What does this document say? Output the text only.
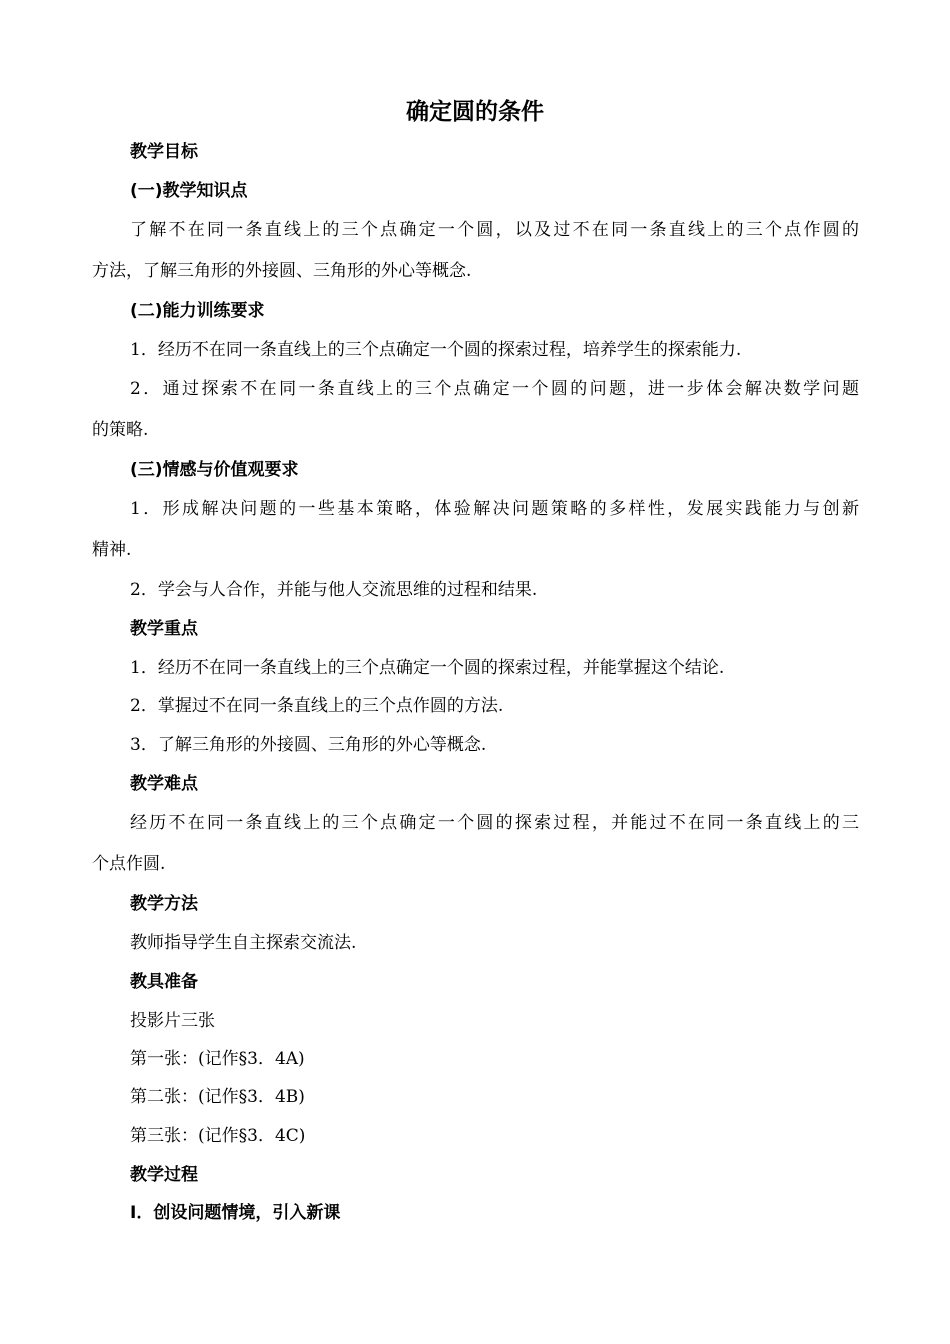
确定圆的条件
教学目标
(一)教学知识点
了解不在同一条直线上的三个点确定一个圆，以及过不在同一条直线上的三个点作圆的
方法，了解三角形的外接圆、三角形的外心等概念.
(二)能力训练要求
1．经历不在同一条直线上的三个点确定一个圆的探索过程，培养学生的探索能力.
2．通过探索不在同一条直线上的三个点确定一个圆的问题，进一步体会解决数学问题
的策略.
(三)情感与价值观要求
1．形成解决问题的一些基本策略，体验解决问题策略的多样性，发展实践能力与创新
精神.
2．学会与人合作，并能与他人交流思维的过程和结果.
教学重点
1．经历不在同一条直线上的三个点确定一个圆的探索过程，并能掌握这个结论.
2．掌握过不在同一条直线上的三个点作圆的方法.
3．了解三角形的外接圆、三角形的外心等概念.
教学难点
经历不在同一条直线上的三个点确定一个圆的探索过程，并能过不在同一条直线上的三
个点作圆.
教学方法
教师指导学生自主探索交流法.
教具准备
投影片三张
第一张：(记作§3．4A)
第二张：(记作§3．4B)
第三张：(记作§3．4C)
教学过程
Ⅰ．创设问题情境，引入新课
